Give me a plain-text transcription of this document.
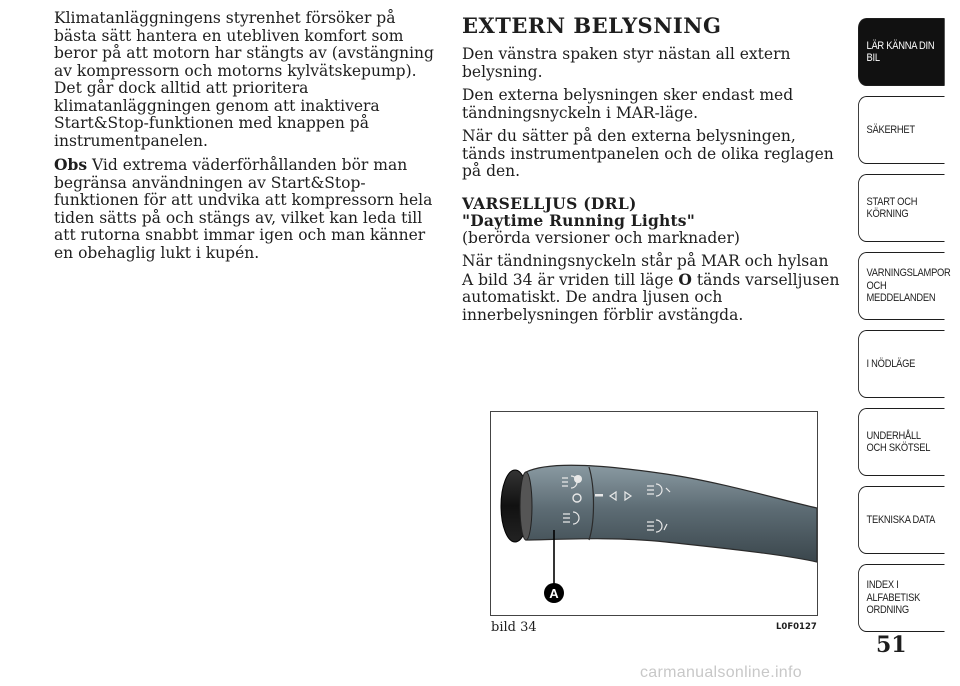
Klimatanläggningens styrenhet försöker på bästa sätt hantera en utebliven komfort som beror på att motorn har stängts av (avstängning av kompressorn och motorns kylvätskepump). Det går dock alltid att prioritera klimatanläggningen genom att inaktivera Start&Stop-funktionen med knappen på instrumentpanelen.

Obs Vid extrema väderförhållanden bör man begränsa användningen av Start&Stop-funktionen för att undvika att kompressorn hela tiden sätts på och stängs av, vilket kan leda till att rutorna snabbt immar igen och man känner en obehaglig lukt i kupén.

EXTERN BELYSNING

Den vänstra spaken styr nästan all extern belysning.

Den externa belysningen sker endast med tändningsnyckeln i MAR-läge.

När du sätter på den externa belysningen, tänds instrumentpanelen och de olika reglagen på den.

VARSELLJUS (DRL)
"Daytime Running Lights"

(berörda versioner och marknader)

När tändningsnyckeln står på MAR och hylsan A bild 34 är vriden till läge O tänds varselljusen automatiskt. De andra ljusen och innerbelysningen förblir avstängda.

A
bild 34	L0F0127
LÄR KÄNNA DIN BIL
SÄKERHET
START OCH KÖRNING
VARNINGSLAMPOR OCH MEDDELANDEN
I NÖDLÄGE
UNDERHÅLL OCH SKÖTSEL
TEKNISKA DATA
INDEX I ALFABETISK ORDNING
51
carmanualsonline.info
